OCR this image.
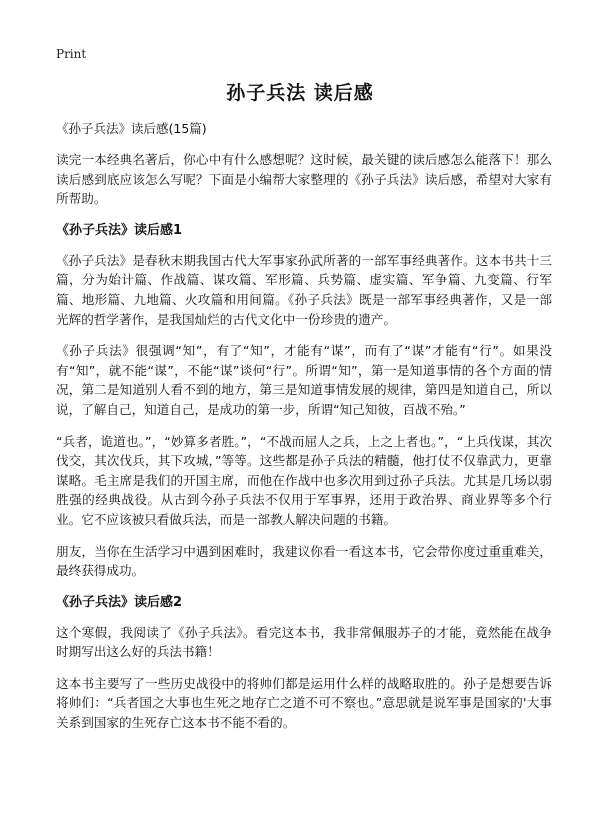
Print
孙子兵法 读后感
《孙子兵法》读后感(15篇)

读完一本经典名著后，你心中有什么感想呢？这时候，最关键的读后感怎么能落下！那么读后感到底应该怎么写呢？下面是小编帮大家整理的《孙子兵法》读后感，希望对大家有所帮助。

《孙子兵法》读后感1

《孙子兵法》是春秋末期我国古代大军事家孙武所著的一部军事经典著作。这本书共十三篇，分为始计篇、作战篇、谋攻篇、军形篇、兵势篇、虚实篇、军争篇、九变篇、行军篇、地形篇、九地篇、火攻篇和用间篇。《孙子兵法》既是一部军事经典著作，又是一部光辉的哲学著作，是我国灿烂的古代文化中一份珍贵的遗产。

《孙子兵法》很强调“知”，有了“知”，才能有“谋”，而有了“谋”才能有“行”。如果没有“知”，就不能“谋”，不能“谋”谈何“行”。所谓“知”，第一是知道事情的各个方面的情况，第二是知道别人看不到的地方，第三是知道事情发展的规律，第四是知道自己，所以说，了解自己，知道自己，是成功的第一步，所谓“知己知彼，百战不殆。”

“兵者，诡道也。”，“妙算多者胜。”，“不战而屈人之兵，上之上者也。”，“上兵伐谋，其次伐交，其次伐兵，其下攻城，”等等。这些都是孙子兵法的精髓，他打仗不仅靠武力，更靠谋略。毛主席是我们的开国主席，而他在作战中也多次用到过孙子兵法。尤其是几场以弱胜强的经典战役。从古到今孙子兵法不仅用于军事界，还用于政治界、商业界等多个行业。它不应该被只看做兵法，而是一部教人解决问题的书籍。

朋友，当你在生活学习中遇到困难时，我建议你看一看这本书，它会带你度过重重难关，最终获得成功。

《孙子兵法》读后感2

这个寒假，我阅读了《孙子兵法》。看完这本书，我非常佩服苏子的才能，竟然能在战争时期写出这么好的兵法书籍！

这本书主要写了一些历史战役中的将帅们都是运用什么样的战略取胜的。孙子是想要告诉将帅们：“兵者国之大事也生死之地存亡之道不可不察也。”意思就是说军事是国家的'大事关系到国家的生死存亡这本书不能不看的。
